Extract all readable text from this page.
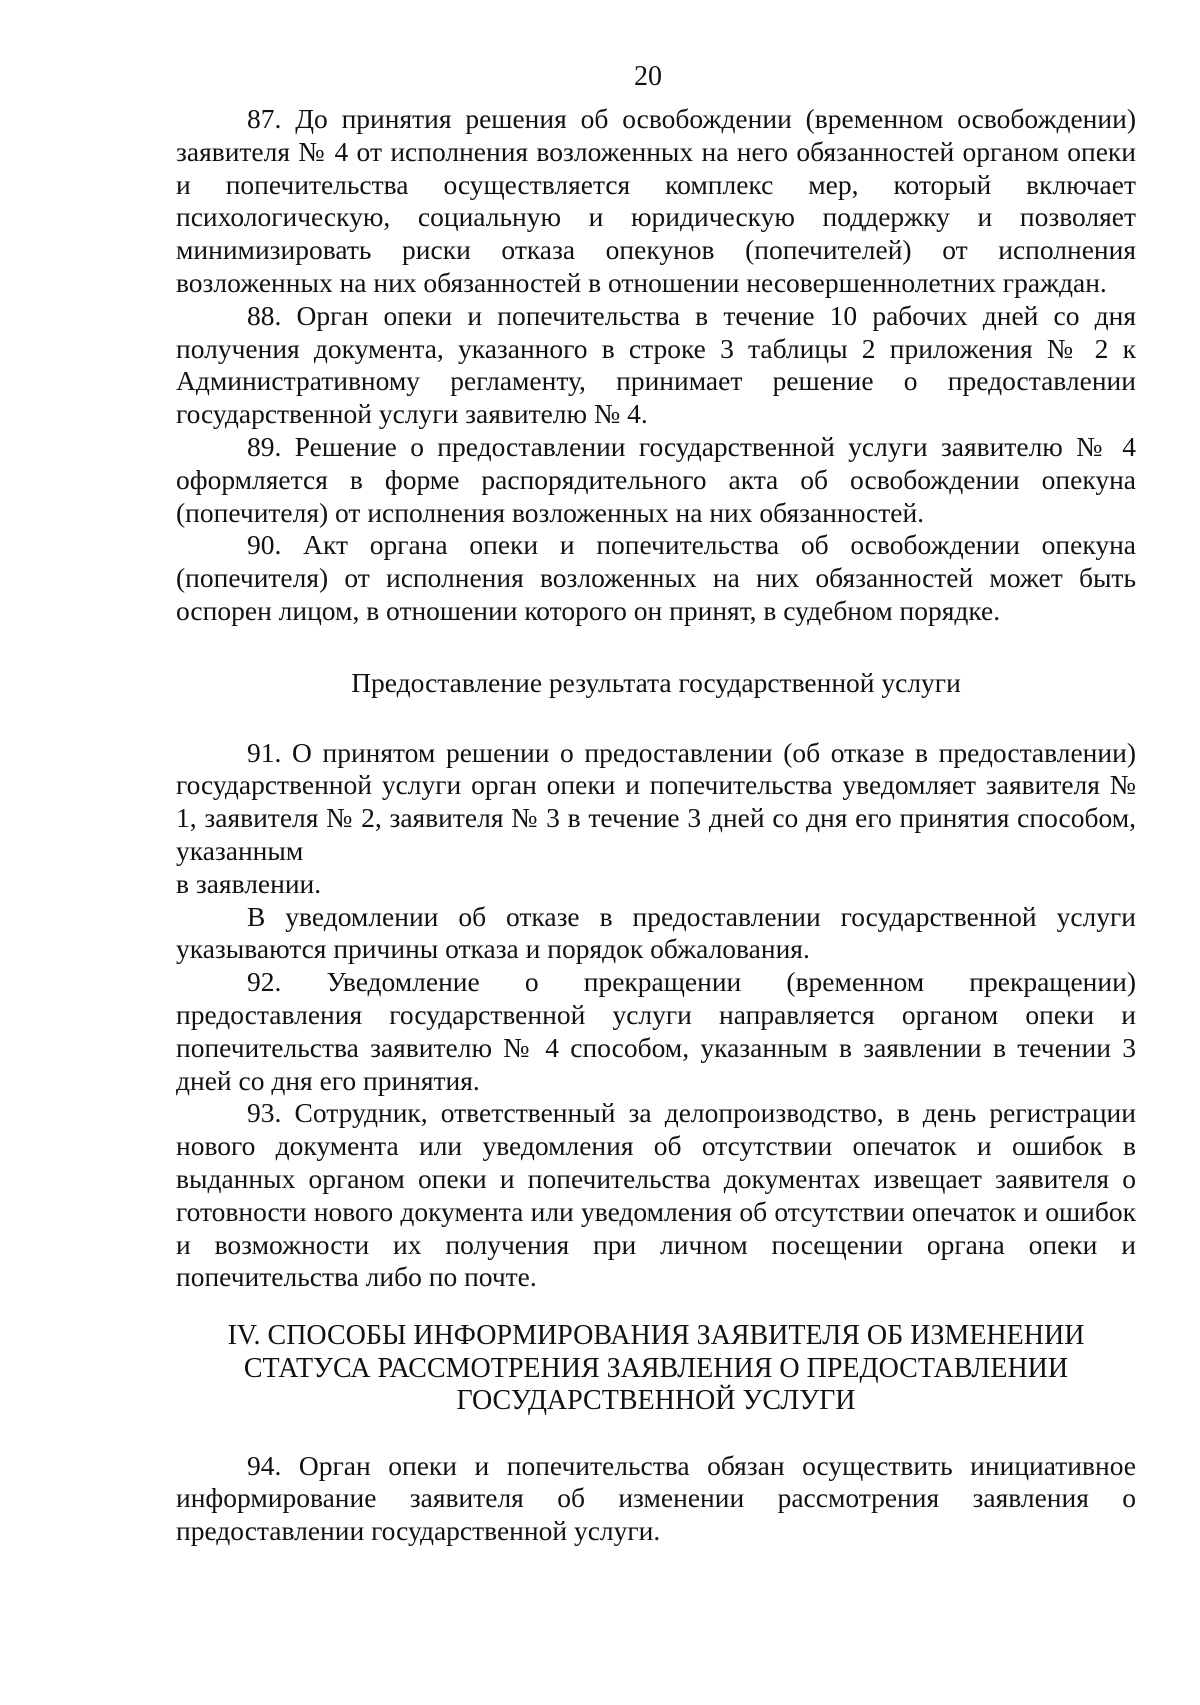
20

87. До принятия решения об освобождении (временном освобождении) заявителя № 4 от исполнения возложенных на него обязанностей органом опеки и попечительства осуществляется комплекс мер, который включает психологическую, социальную и юридическую поддержку и позволяет минимизировать риски отказа опекунов (попечителей) от исполнения возложенных на них обязанностей в отношении несовершеннолетних граждан.

88. Орган опеки и попечительства в течение 10 рабочих дней со дня получения документа, указанного в строке 3 таблицы 2 приложения № 2 к Административному регламенту, принимает решение о предоставлении государственной услуги заявителю № 4.

89. Решение о предоставлении государственной услуги заявителю № 4 оформляется в форме распорядительного акта об освобождении опекуна (попечителя) от исполнения возложенных на них обязанностей.

90. Акт органа опеки и попечительства об освобождении опекуна (попечителя) от исполнения возложенных на них обязанностей может быть оспорен лицом, в отношении которого он принят, в судебном порядке.

Предоставление результата государственной услуги

91. О принятом решении о предоставлении (об отказе в предоставлении) государственной услуги орган опеки и попечительства уведомляет заявителя № 1, заявителя № 2, заявителя № 3 в течение 3 дней со дня его принятия способом, указанным

в заявлении.

В уведомлении об отказе в предоставлении государственной услуги указываются причины отказа и порядок обжалования.

92. Уведомление о прекращении (временном прекращении) предоставления государственной услуги направляется органом опеки и попечительства заявителю № 4 способом, указанным в заявлении в течении 3 дней со дня его принятия.

93. Сотрудник, ответственный за делопроизводство, в день регистрации нового документа или уведомления об отсутствии опечаток и ошибок в выданных органом опеки и попечительства документах извещает заявителя о готовности нового документа или уведомления об отсутствии опечаток и ошибок и возможности их получения при личном посещении органа опеки и попечительства либо по почте.

IV. СПОСОБЫ ИНФОРМИРОВАНИЯ ЗАЯВИТЕЛЯ ОБ ИЗМЕНЕНИИ СТАТУСА РАССМОТРЕНИЯ ЗАЯВЛЕНИЯ О ПРЕДОСТАВЛЕНИИ ГОСУДАРСТВЕННОЙ УСЛУГИ

94. Орган опеки и попечительства обязан осуществить инициативное информирование заявителя об изменении рассмотрения заявления о предоставлении государственной услуги.
